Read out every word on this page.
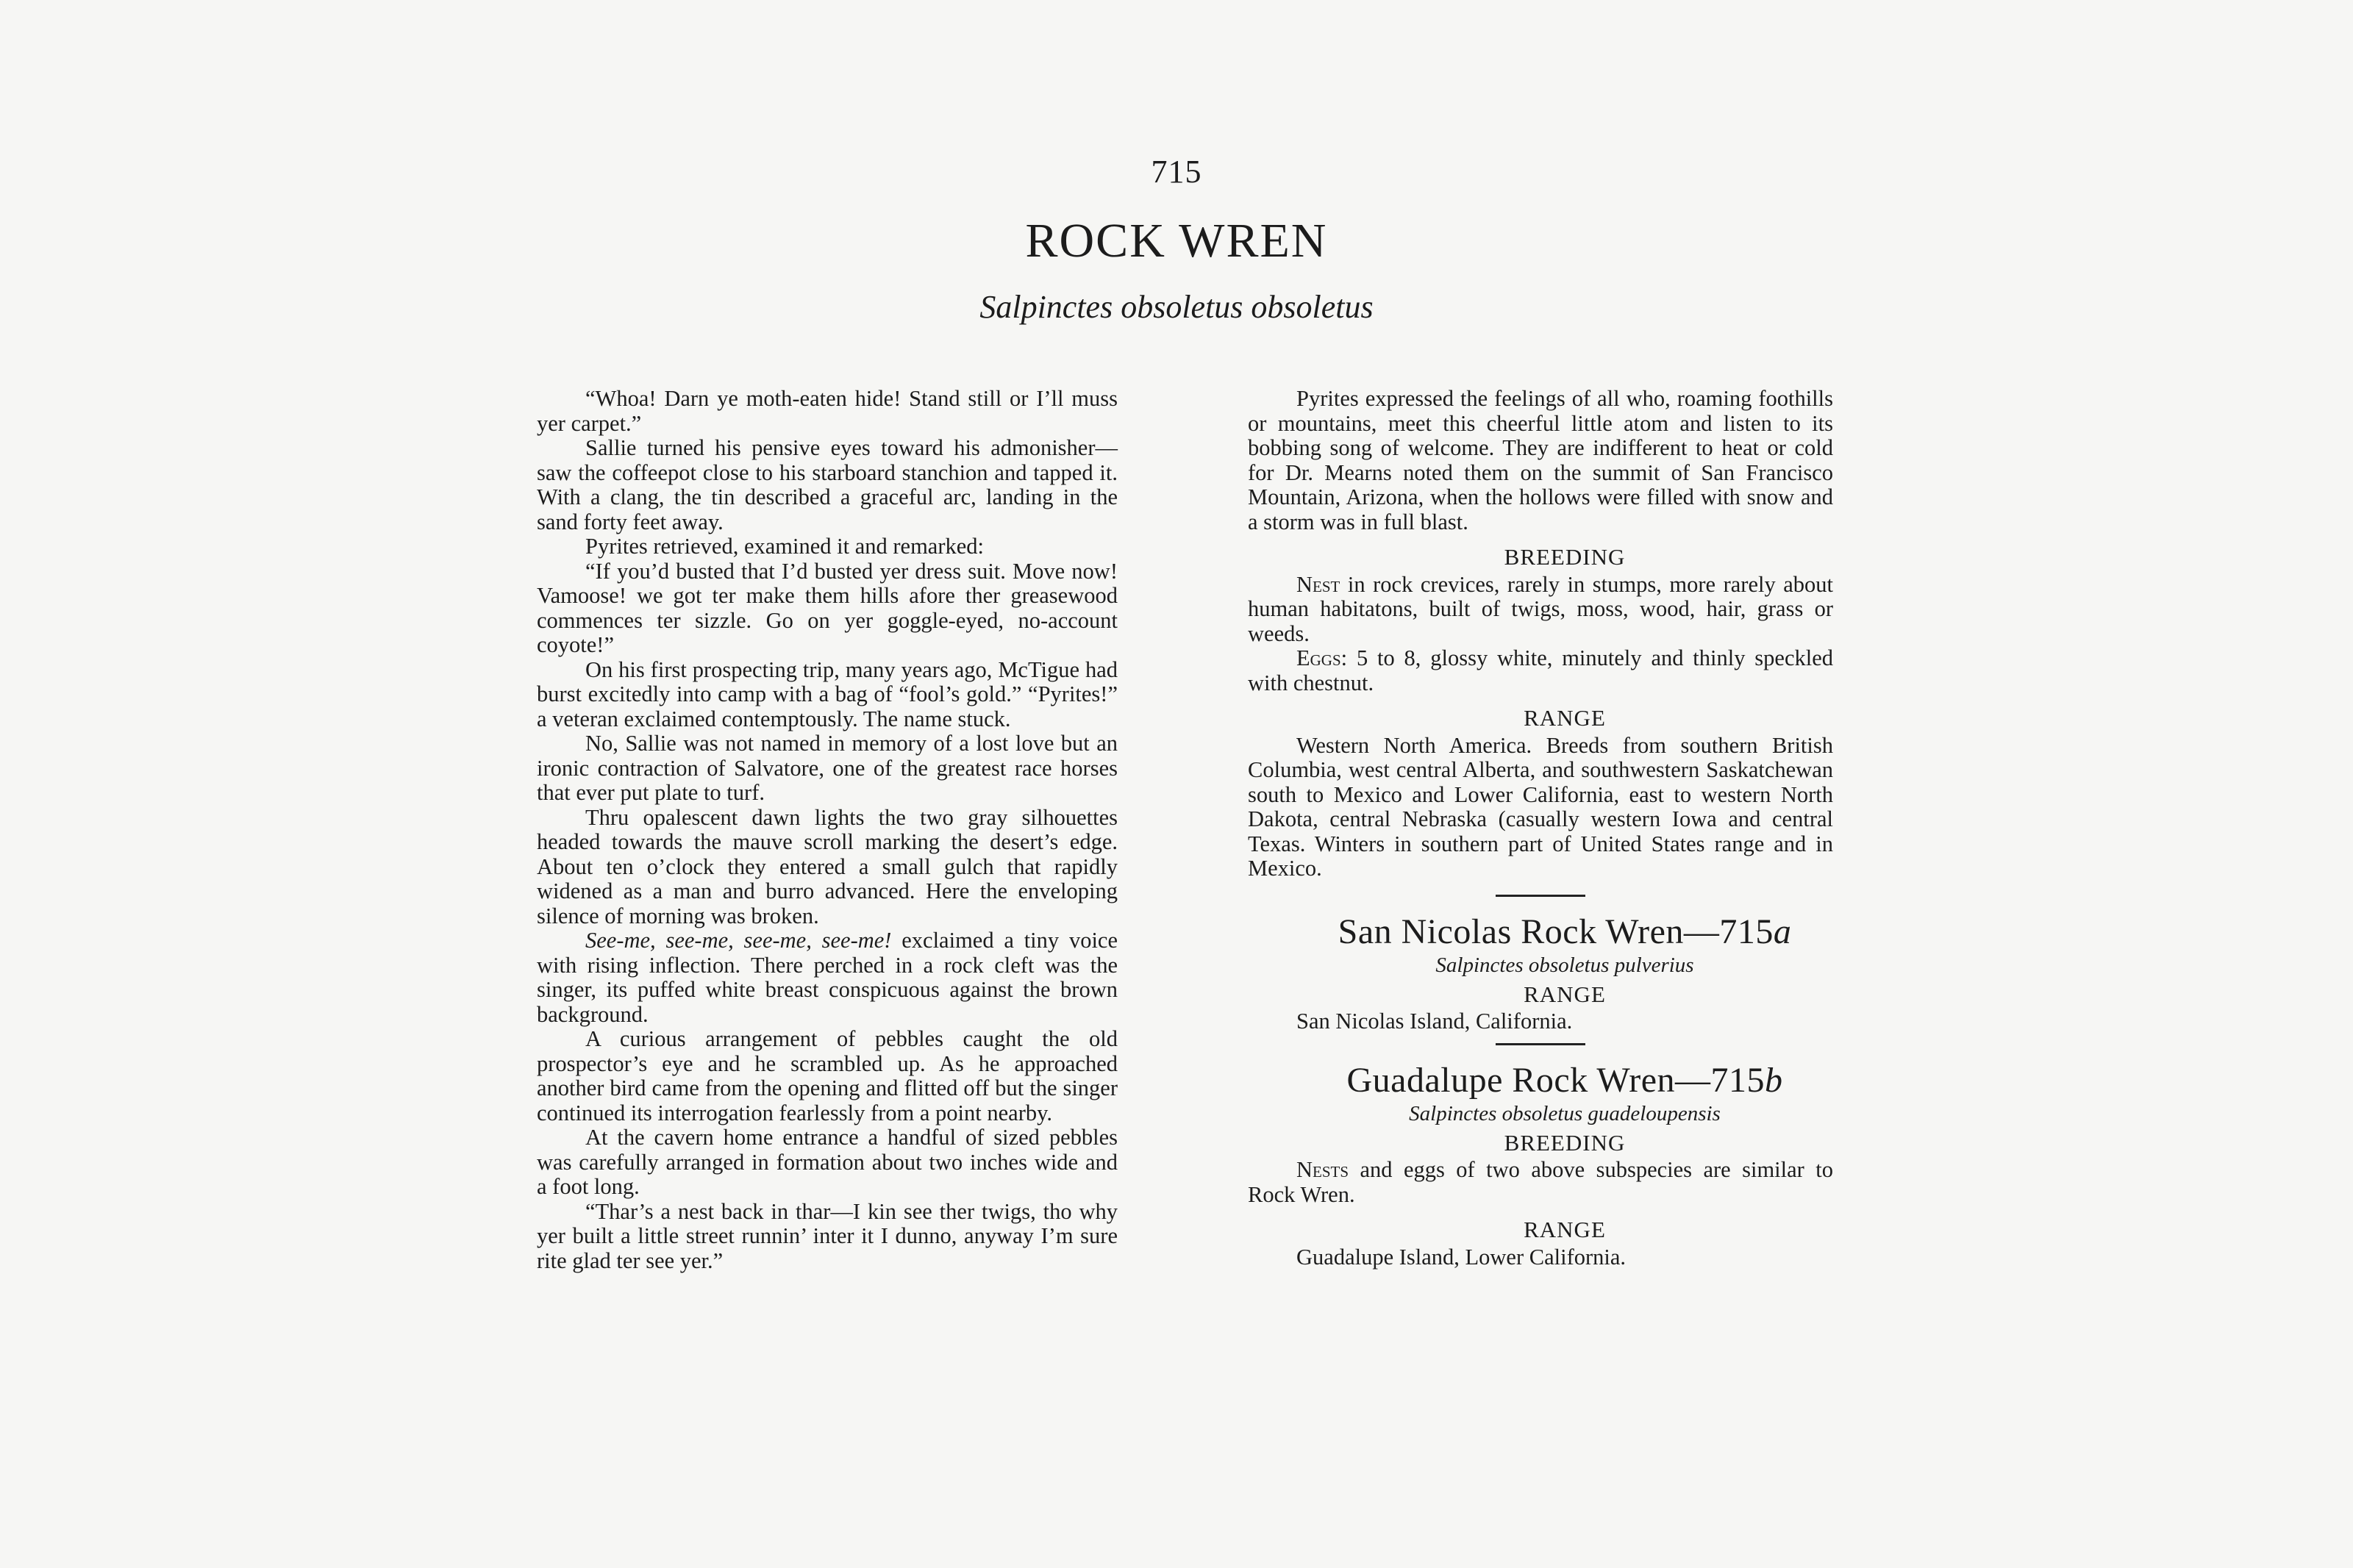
715
ROCK WREN
Salpinctes obsoletus obsoletus

“Whoa! Darn ye moth-eaten hide! Stand still or I’ll muss yer carpet.”

Sallie turned his pensive eyes toward his admonisher—saw the coffeepot close to his starboard stanchion and tapped it. With a clang, the tin described a graceful arc, landing in the sand forty feet away.

Pyrites retrieved, examined it and remarked:

“If you’d busted that I’d busted yer dress suit. Move now! Vamoose! we got ter make them hills afore ther greasewood commences ter sizzle. Go on yer goggle-eyed, no-account coyote!”

On his first prospecting trip, many years ago, McTigue had burst excitedly into camp with a bag of “fool’s gold.” “Pyrites!” a veteran exclaimed contemptously. The name stuck.

No, Sallie was not named in memory of a lost love but an ironic contraction of Salvatore, one of the greatest race horses that ever put plate to turf.

Thru opalescent dawn lights the two gray silhouettes headed towards the mauve scroll marking the desert’s edge. About ten o’clock they entered a small gulch that rapidly widened as a man and burro advanced. Here the enveloping silence of morning was broken.

See-me, see-me, see-me, see-me! exclaimed a tiny voice with rising inflection. There perched in a rock cleft was the singer, its puffed white breast conspicuous against the brown background.

A curious arrangement of pebbles caught the old prospector’s eye and he scrambled up. As he approached another bird came from the opening and flitted off but the singer continued its interrogation fearlessly from a point nearby.

At the cavern home entrance a handful of sized pebbles was carefully arranged in formation about two inches wide and a foot long.

“Thar’s a nest back in thar—I kin see ther twigs, tho why yer built a little street runnin’ inter it I dunno, anyway I’m sure rite glad ter see yer.”

Pyrites expressed the feelings of all who, roaming foothills or mountains, meet this cheerful little atom and listen to its bobbing song of welcome. They are indifferent to heat or cold for Dr. Mearns noted them on the summit of San Francisco Mountain, Arizona, when the hollows were filled with snow and a storm was in full blast.

BREEDING

Nest in rock crevices, rarely in stumps, more rarely about human habitatons, built of twigs, moss, wood, hair, grass or weeds.

Eggs: 5 to 8, glossy white, minutely and thinly speckled with chestnut.

RANGE

Western North America. Breeds from southern British Columbia, west central Alberta, and southwestern Saskatchewan south to Mexico and Lower California, east to western North Dakota, central Nebraska (casually western Iowa and central Texas. Winters in southern part of United States range and in Mexico.

San Nicolas Rock Wren—715a

Salpinctes obsoletus pulverius

RANGE

San Nicolas Island, California.

Guadalupe Rock Wren—715b

Salpinctes obsoletus guadeloupensis

BREEDING

Nests and eggs of two above subspecies are similar to Rock Wren.

RANGE

Guadalupe Island, Lower California.
